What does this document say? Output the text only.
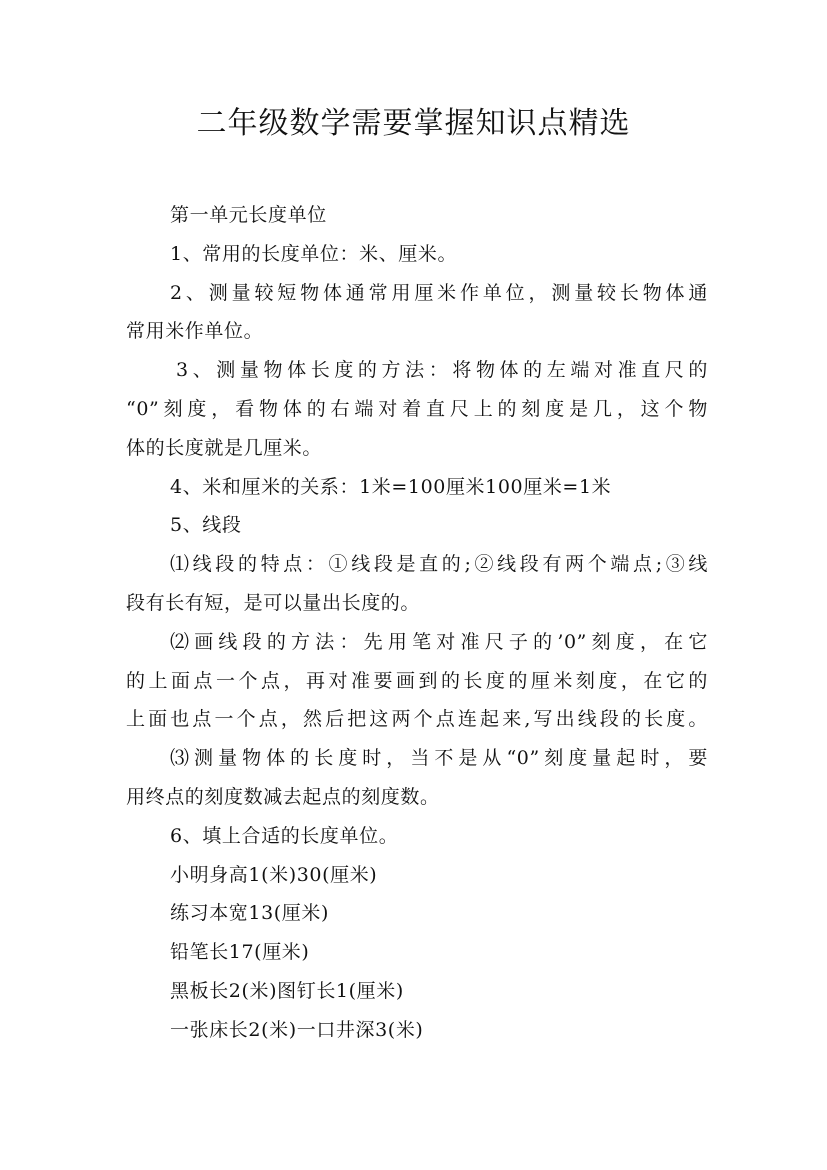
二年级数学需要掌握知识点精选
第一单元长度单位
1、常用的长度单位：米、厘米。
2、测量较短物体通常用厘米作单位，测量较长物体通
常用米作单位。
3、测量物体长度的方法：将物体的左端对准直尺的
“0”刻度，看物体的右端对着直尺上的刻度是几，这个物
体的长度就是几厘米。
4、米和厘米的关系：1米=100厘米100厘米=1米
5、线段
⑴线段的特点：①线段是直的;②线段有两个端点;③线
段有长有短，是可以量出长度的。
⑵画线段的方法：先用笔对准尺子的’0”刻度，在它
的上面点一个点，再对准要画到的长度的厘米刻度，在它的
上面也点一个点，然后把这两个点连起来,写出线段的长度。
⑶测量物体的长度时，当不是从“0”刻度量起时，要
用终点的刻度数减去起点的刻度数。
6、填上合适的长度单位。
小明身高1(米)30(厘米)
练习本宽13(厘米)
铅笔长17(厘米)
黑板长2(米)图钉长1(厘米)
一张床长2(米)一口井深3(米)
